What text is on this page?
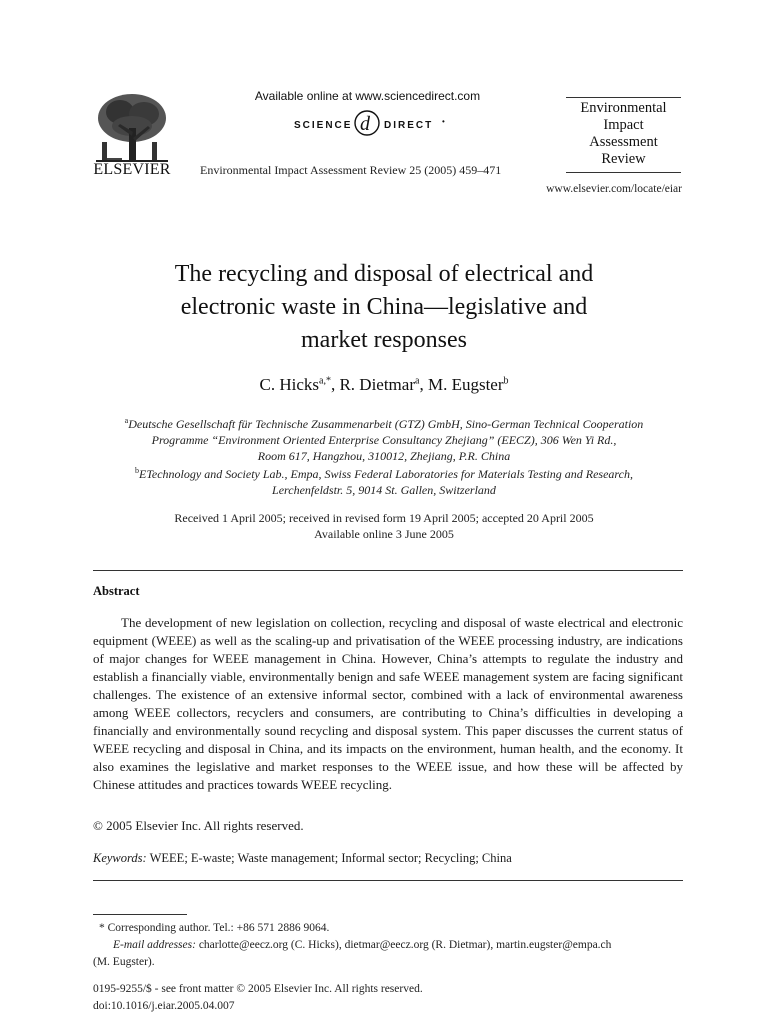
ELSEVIER
Available online at www.sciencedirect.com
SCIENCE d DIRECT •
Environmental Impact Assessment Review 25 (2005) 459–471
Environmental
Impact
Assessment
Review
www.elsevier.com/locate/eiar
The recycling and disposal of electrical and
electronic waste in China—legislative and
market responses
C. Hicks$^{a,*}$, R. Dietmar$^a$, M. Eugster$^b$
$^a$Deutsche Gesellschaft für Technische Zusammenarbeit (GTZ) GmbH, Sino-German Technical Cooperation
Programme “Environment Oriented Enterprise Consultancy Zhejiang” (EECZ), 306 Wen Yi Rd.,
Room 617, Hangzhou, 310012, Zhejiang, P.R. China
$^b$ETechnology and Society Lab., Empa, Swiss Federal Laboratories for Materials Testing and Research,
Lerchenfeldstr. 5, 9014 St. Gallen, Switzerland
Received 1 April 2005; received in revised form 19 April 2005; accepted 20 April 2005
Available online 3 June 2005
Abstract
The development of new legislation on collection, recycling and disposal of waste electrical and electronic equipment (WEEE) as well as the scaling-up and privatisation of the WEEE processing industry, are indications of major changes for WEEE management in China. However, China’s attempts to regulate the industry and establish a financially viable, environmentally benign and safe WEEE management system are facing significant challenges. The existence of an extensive informal sector, combined with a lack of environmental awareness among WEEE collectors, recyclers and consumers, are contributing to China’s difficulties in developing a financially and environmentally sound recycling and disposal system. This paper discusses the current status of WEEE recycling and disposal in China, and its impacts on the environment, human health, and the economy. It also examines the legislative and market responses to the WEEE issue, and how these will be affected by Chinese attitudes and practices towards WEEE recycling.
© 2005 Elsevier Inc. All rights reserved.
Keywords: WEEE; E-waste; Waste management; Informal sector; Recycling; China
* Corresponding author. Tel.: +86 571 2886 9064.
E-mail addresses: charlotte@eecz.org (C. Hicks), dietmar@eecz.org (R. Dietmar), martin.eugster@empa.ch
(M. Eugster).
0195-9255/$ - see front matter © 2005 Elsevier Inc. All rights reserved.
doi:10.1016/j.eiar.2005.04.007
